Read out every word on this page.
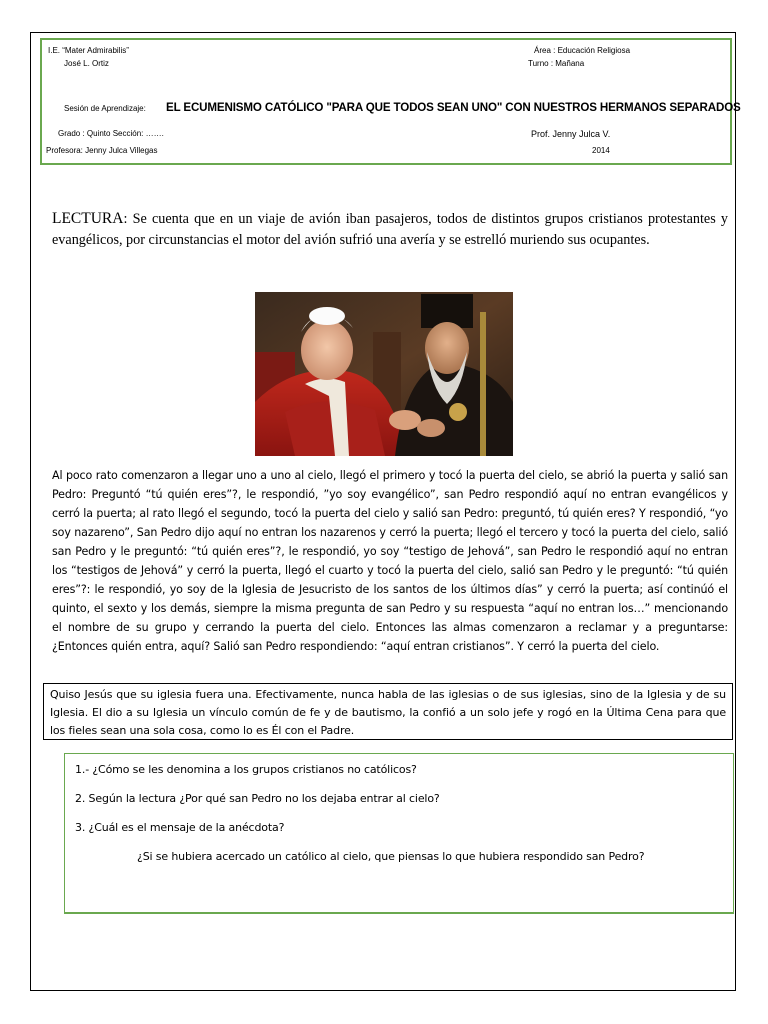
I.E. “Mater Admirabilis”
José L. Ortiz
Área : Educación Religiosa
Turno : Mañana
Sesión de Aprendizaje: EL ECUMENISMO CATÓLICO "PARA QUE TODOS SEAN UNO" CON NUESTROS HERMANOS SEPARADOS
Grado : Quinto Sección: …….
Profesora: Jenny Julca Villegas
Prof. Jenny Julca V.
2014
LECTURA: Se cuenta que en un viaje de avión iban pasajeros, todos de distintos grupos cristianos protestantes y evangélicos, por circunstancias el motor del avión sufrió una avería y se estrelló muriendo sus ocupantes.
Al poco rato comenzaron a llegar uno a uno al cielo, llegó el primero y tocó la puerta del cielo, se abrió la puerta y salió san Pedro: Preguntó “tú quién eres”?, le respondió, ”yo soy evangélico”, san Pedro respondió aquí no entran evangélicos y cerró la puerta; al rato llegó el segundo, tocó la puerta del cielo y salió san Pedro: preguntó, tú quién eres? Y respondió, “yo soy nazareno”, San Pedro dijo aquí no entran los nazarenos y cerró la puerta; llegó el tercero y tocó la puerta del cielo, salió san Pedro y le preguntó: “tú quién eres”?, le respondió, yo soy “testigo de Jehová”, san Pedro le respondió aquí no entran los “testigos de Jehová” y cerró la puerta, llegó el cuarto y tocó la puerta del cielo, salió san Pedro y le preguntó: “tú quién eres”?: le respondió, yo soy de la Iglesia de Jesucristo de los santos de los últimos días” y cerró la puerta; así continúó el quinto, el sexto y los demás, siempre la misma pregunta de san Pedro y su respuesta “aquí no entran los…” mencionando el nombre de su grupo y cerrando la puerta del cielo. Entonces las almas comenzaron a reclamar y a preguntarse: ¿Entonces quién entra, aquí? Salió san Pedro respondiendo: “aquí entran cristianos”. Y cerró la puerta del cielo.
Quiso Jesús que su iglesia fuera una. Efectivamente, nunca habla de las iglesias o de sus iglesias, sino de la Iglesia y de su Iglesia. El dio a su Iglesia un vínculo común de fe y de bautismo, la confió a un solo jefe y rogó en la Última Cena para que los fieles sean una sola cosa, como lo es Él con el Padre.
1.- ¿Cómo se les denomina a los grupos cristianos no católicos?
2. Según la lectura ¿Por qué san Pedro no los dejaba entrar al cielo?
3. ¿Cuál es el mensaje de la anécdota?
¿Si se hubiera acercado un católico al cielo, que piensas lo que hubiera respondido san Pedro?
